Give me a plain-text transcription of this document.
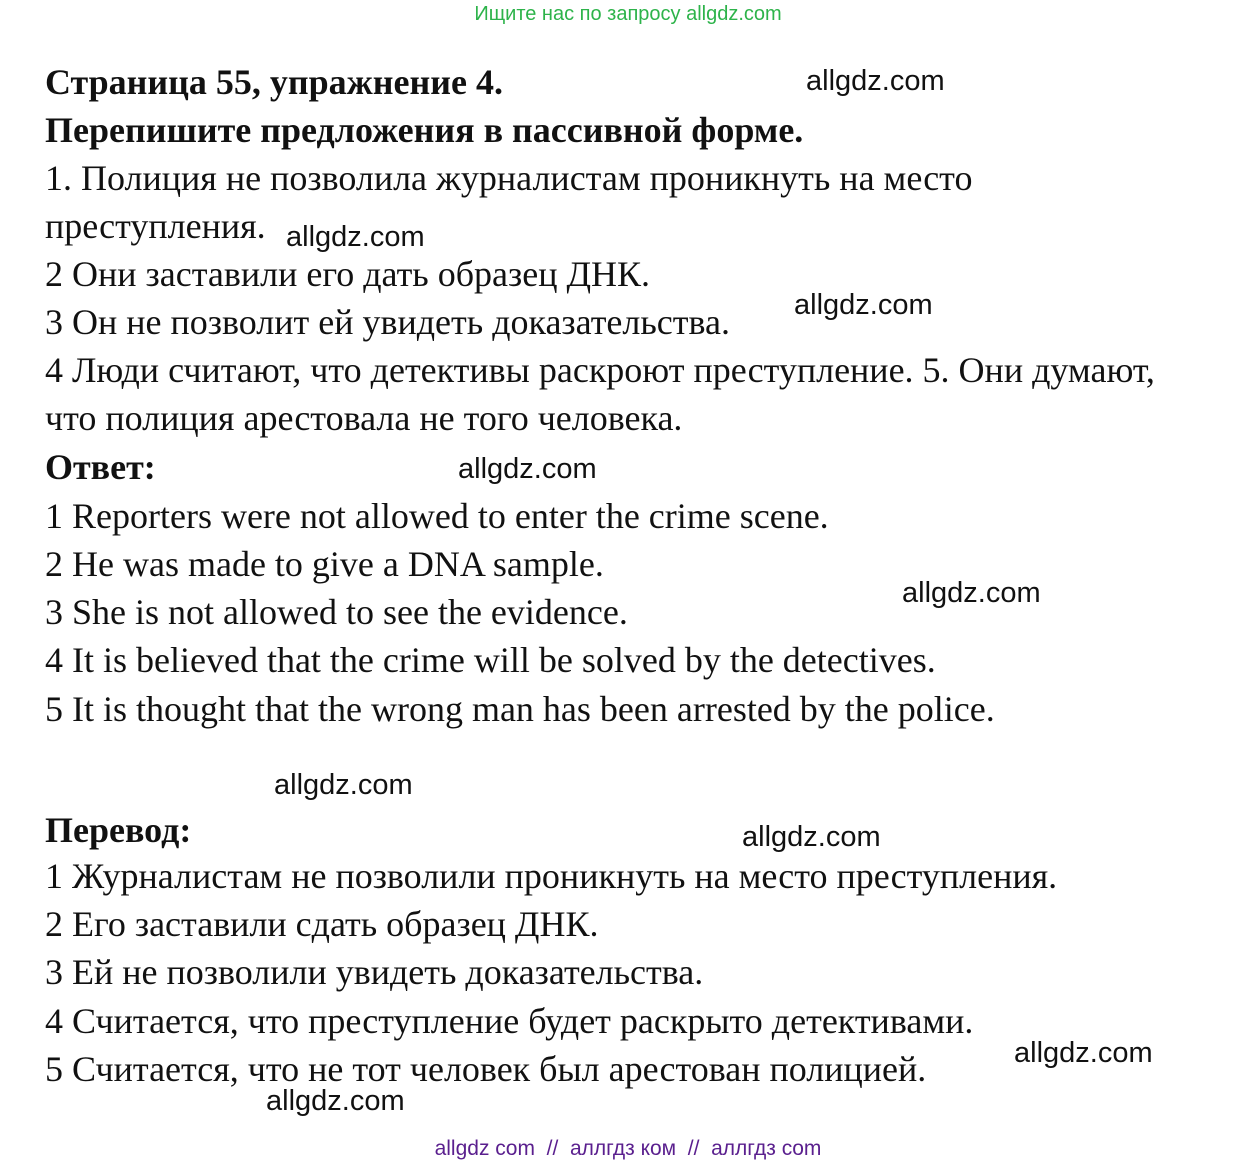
Ищите нас по запросу allgdz.com
Страница 55, упражнение 4.
Перепишите предложения в пассивной форме.
1. Полиция не позволила журналистам проникнуть на место
преступления.
2 Они заставили его дать образец ДНК.
3 Он не позволит ей увидеть доказательства.
4 Люди считают, что детективы раскроют преступление. 5. Они думают,
что полиция арестовала не того человека.
Ответ:
1 Reporters were not allowed to enter the crime scene.
2 He was made to give a DNA sample.
3 She is not allowed to see the evidence.
4 It is believed that the crime will be solved by the detectives.
5 It is thought that the wrong man has been arrested by the police.
Перевод:
1 Журналистам не позволили проникнуть на место преступления.
2 Его заставили сдать образец ДНК.
3 Ей не позволили увидеть доказательства.
4 Считается, что преступление будет раскрыто детективами.
5 Считается, что не тот человек был арестован полицией.
allgdz.com
allgdz.com
allgdz.com
allgdz.com
allgdz.com
allgdz.com
allgdz.com
allgdz.com
allgdz.com
allgdz com  //  аллгдз ком  //  аллгдз com
